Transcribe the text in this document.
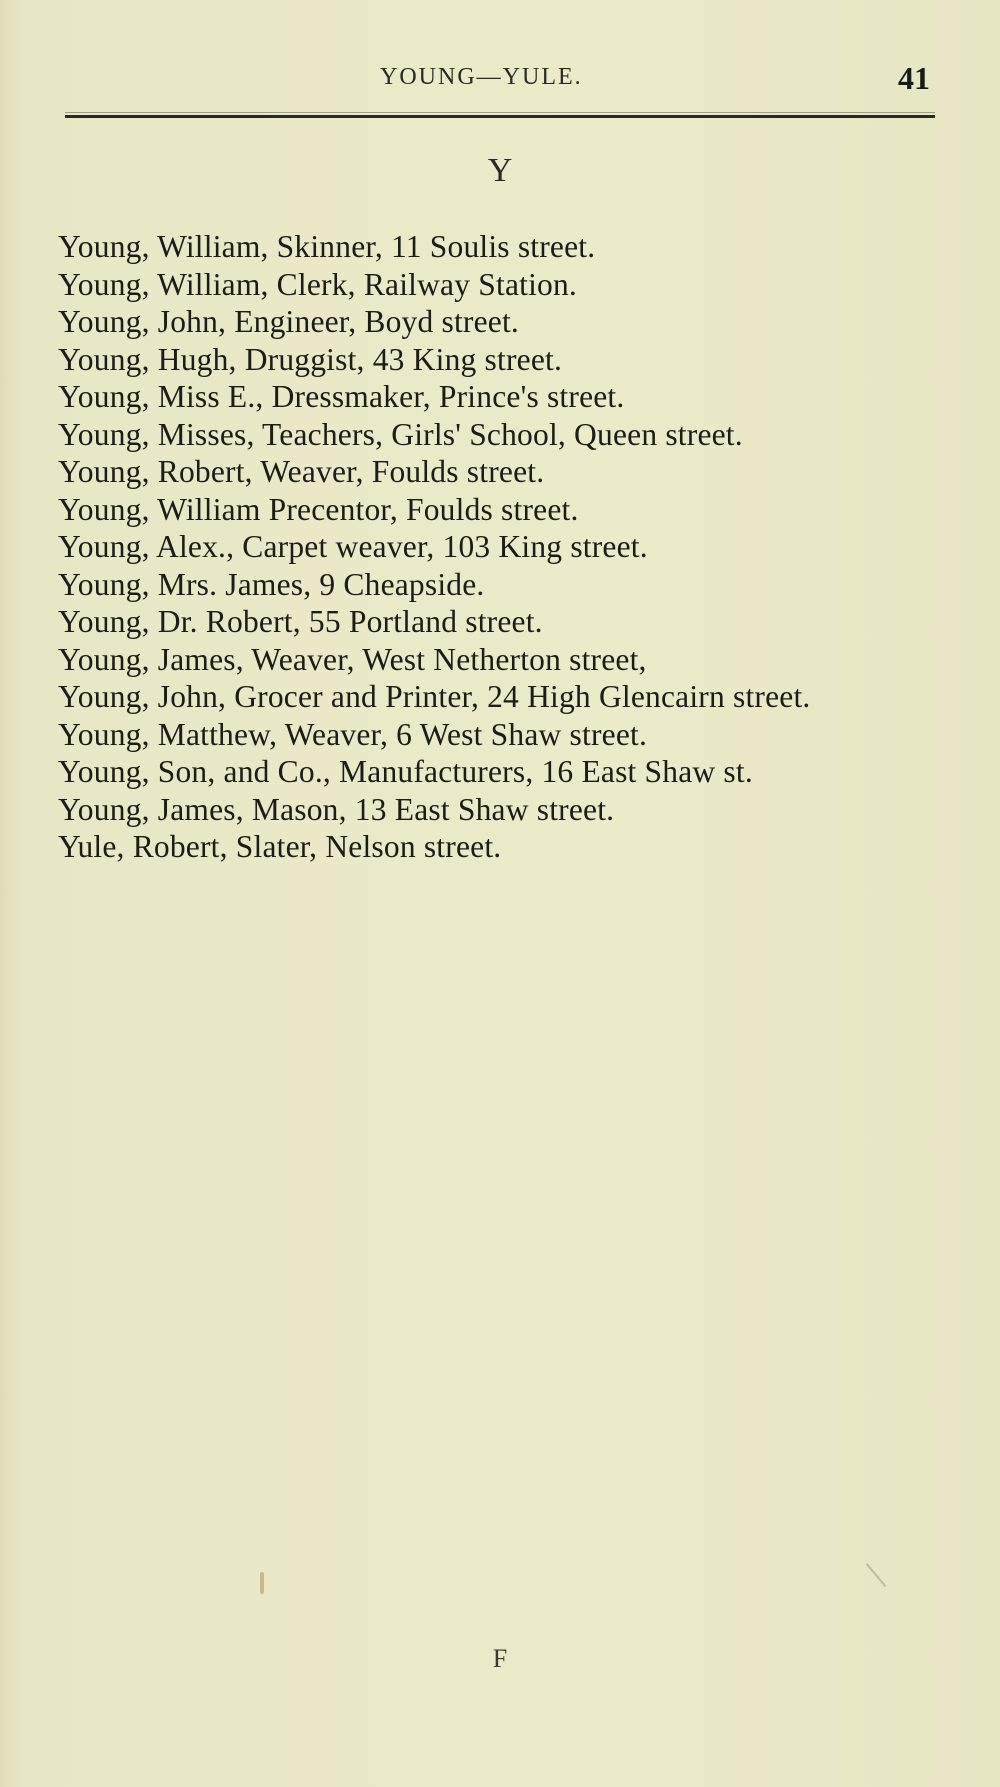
YOUNG—YULE.	41
Y
Young, William, Skinner, 11 Soulis street.
Young, William, Clerk, Railway Station.
Young, John, Engineer, Boyd street.
Young, Hugh, Druggist, 43 King street.
Young, Miss E., Dressmaker, Prince's street.
Young, Misses, Teachers, Girls' School, Queen street.
Young, Robert, Weaver, Foulds street.
Young, William Precentor, Foulds street.
Young, Alex., Carpet weaver, 103 King street.
Young, Mrs. James, 9 Cheapside.
Young, Dr. Robert, 55 Portland street.
Young, James, Weaver, West Netherton street,
Young, John, Grocer and Printer, 24 High Glencairn street.
Young, Matthew, Weaver, 6 West Shaw street.
Young, Son, and Co., Manufacturers, 16 East Shaw st.
Young, James, Mason, 13 East Shaw street.
Yule, Robert, Slater, Nelson street.
F
